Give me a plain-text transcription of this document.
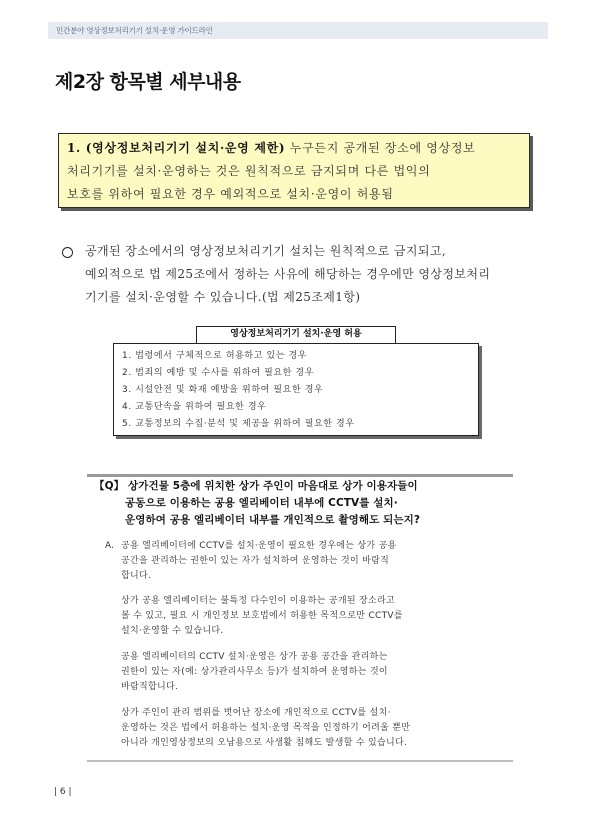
민간분야 영상정보처리기기 설치·운영 가이드라인
제2장 항목별 세부내용
1. (영상정보처리기기 설치·운영 제한) 누구든지 공개된 장소에 영상정보
처리기기를 설치·운영하는 것은 원칙적으로 금지되며 다른 법익의
보호를 위하여 필요한 경우 예외적으로 설치·운영이 허용됨
공개된 장소에서의 영상정보처리기기 설치는 원칙적으로 금지되고,
예외적으로 법 제25조에서 정하는 사유에 해당하는 경우에만 영상정보처리
기기를 설치·운영할 수 있습니다.(법 제25조제1항)
영상정보처리기기 설치·운영 허용
1. 법령에서 구체적으로 허용하고 있는 경우
2. 범죄의 예방 및 수사를 위하여 필요한 경우
3. 시설안전 및 화재 예방을 위하여 필요한 경우
4. 교통단속을 위하여 필요한 경우
5. 교통정보의 수집·분석 및 제공을 위하여 필요한 경우
【Q】 상가건물 5층에 위치한 상가 주인이 마음대로 상가 이용자들이
공동으로 이용하는 공용 엘리베이터 내부에 CCTV를 설치·
운영하여 공용 엘리베이터 내부를 개인적으로 촬영해도 되는지?
A. 공용 엘리베이터에 CCTV를 설치·운영이 필요한 경우에는 상가 공용
공간을 관리하는 권한이 있는 자가 설치하여 운영하는 것이 바람직
합니다.
상가 공용 엘리베이터는 불특정 다수인이 이용하는 공개된 장소라고
볼 수 있고, 필요 시 개인정보 보호법에서 허용한 목적으로만 CCTV를
설치·운영할 수 있습니다.
공용 엘리베이터의 CCTV 설치·운영은 상가 공용 공간을 관리하는
권한이 있는 자(예: 상가관리사무소 등)가 설치하여 운영하는 것이
바람직합니다.
상가 주인이 관리 범위를 벗어난 장소에 개인적으로 CCTV를 설치·
운영하는 것은 법에서 허용하는 설치·운영 목적을 인정하기 어려울 뿐만
아니라 개인영상정보의 오남용으로 사생활 침해도 발생할 수 있습니다.
| 6 |
